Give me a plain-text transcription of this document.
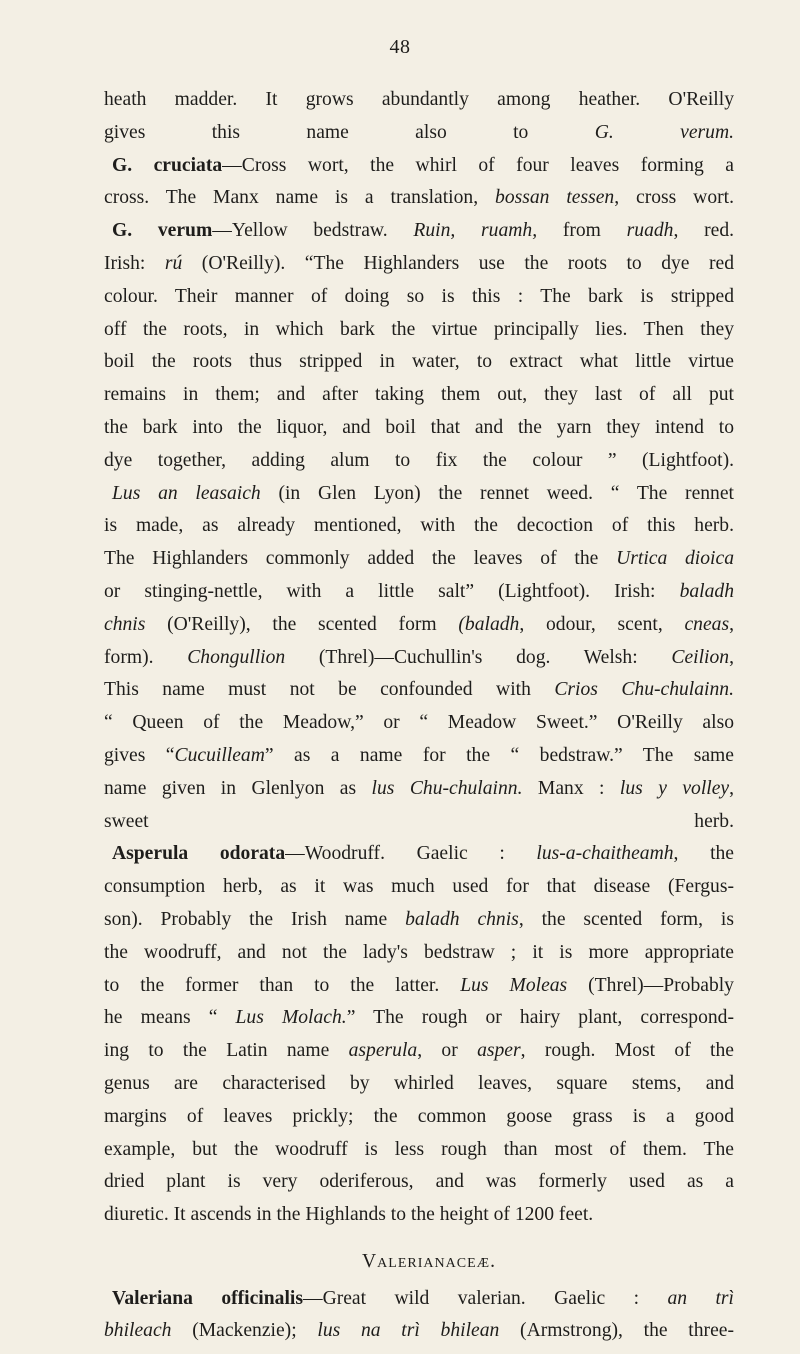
48
heath madder. It grows abundantly among heather. O'Reilly
gives this name also to G. verum.
G. cruciata—Cross wort, the whirl of four leaves forming a
cross. The Manx name is a translation, bossan tessen, cross wort.
G. verum—Yellow bedstraw. Ruin, ruamh, from ruadh, red.
Irish: rú (O'Reilly). “The Highlanders use the roots to dye red
colour. Their manner of doing so is this : The bark is stripped
off the roots, in which bark the virtue principally lies. Then they
boil the roots thus stripped in water, to extract what little virtue
remains in them; and after taking them out, they last of all put
the bark into the liquor, and boil that and the yarn they intend to
dye together, adding alum to fix the colour ” (Lightfoot).
Lus an leasaich (in Glen Lyon) the rennet weed. “ The rennet
is made, as already mentioned, with the decoction of this herb.
The Highlanders commonly added the leaves of the Urtica dioica
or stinging-nettle, with a little salt” (Lightfoot). Irish: baladh
chnis (O'Reilly), the scented form (baladh, odour, scent, cneas,
form). Chongullion (Threl)—Cuchullin's dog. Welsh: Ceilion,
This name must not be confounded with Crios Chu-chulainn.
“ Queen of the Meadow,” or “ Meadow Sweet.” O'Reilly also
gives “Cucuilleam” as a name for the “ bedstraw.” The same
name given in Glenlyon as lus Chu-chulainn. Manx : lus y volley,
sweet herb.
Asperula odorata—Woodruff. Gaelic : lus-a-chaitheamh, the
consumption herb, as it was much used for that disease (Fergus-
son). Probably the Irish name baladh chnis, the scented form, is
the woodruff, and not the lady's bedstraw ; it is more appropriate
to the former than to the latter. Lus Moleas (Threl)—Probably
he means “ Lus Molach.” The rough or hairy plant, correspond-
ing to the Latin name asperula, or asper, rough. Most of the
genus are characterised by whirled leaves, square stems, and
margins of leaves prickly; the common goose grass is a good
example, but the woodruff is less rough than most of them. The
dried plant is very oderiferous, and was formerly used as a
diuretic. It ascends in the Highlands to the height of 1200 feet.
Valerianaceæ.
Valeriana officinalis—Great wild valerian. Gaelic : an trì
bhileach (Mackenzie); lus na trì bhilean (Armstrong), the three-
